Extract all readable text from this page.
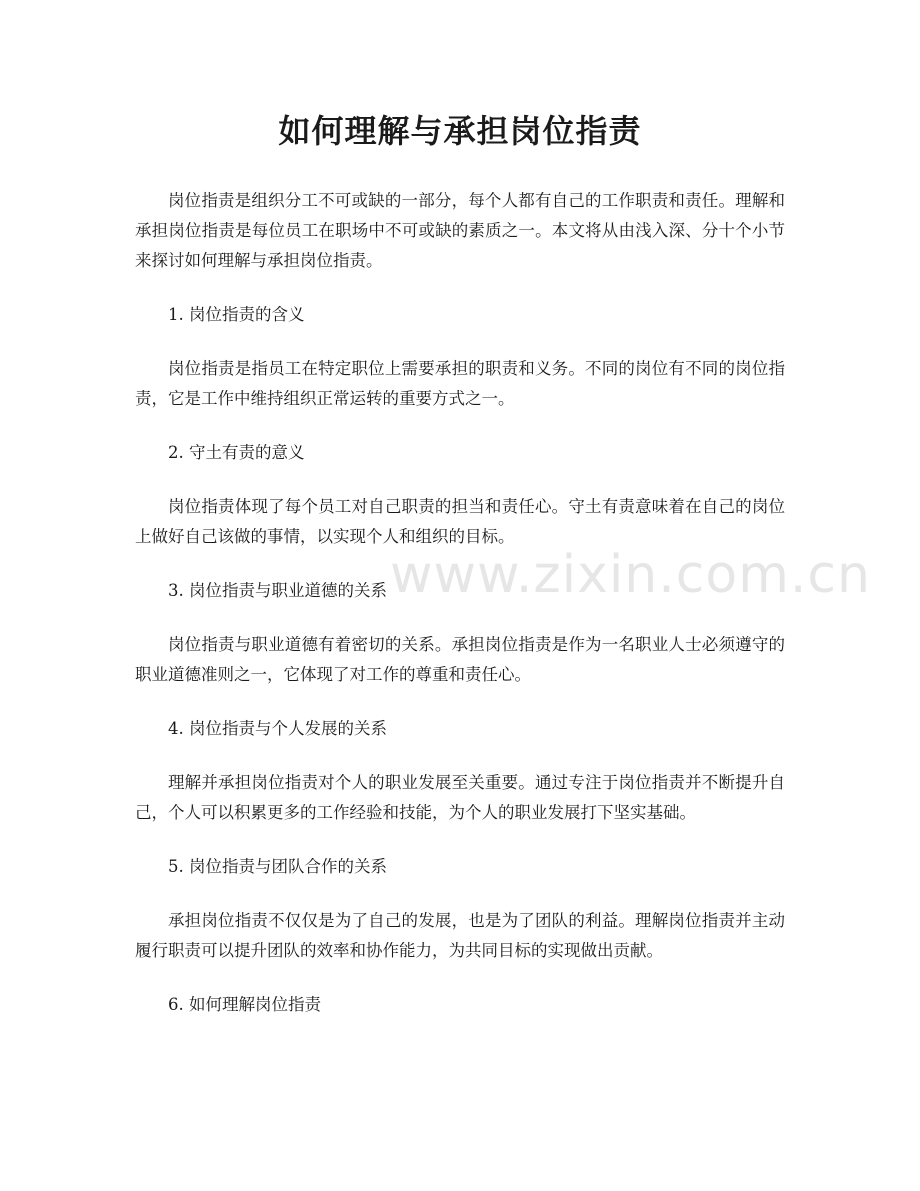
如何理解与承担岗位指责

岗位指责是组织分工不可或缺的一部分，每个人都有自己的工作职责和责任。理解和承担岗位指责是每位员工在职场中不可或缺的素质之一。本文将从由浅入深、分十个小节来探讨如何理解与承担岗位指责。

1. 岗位指责的含义

岗位指责是指员工在特定职位上需要承担的职责和义务。不同的岗位有不同的岗位指责，它是工作中维持组织正常运转的重要方式之一。

2. 守土有责的意义

岗位指责体现了每个员工对自己职责的担当和责任心。守土有责意味着在自己的岗位上做好自己该做的事情，以实现个人和组织的目标。

3. 岗位指责与职业道德的关系

岗位指责与职业道德有着密切的关系。承担岗位指责是作为一名职业人士必须遵守的职业道德准则之一，它体现了对工作的尊重和责任心。

4. 岗位指责与个人发展的关系

理解并承担岗位指责对个人的职业发展至关重要。通过专注于岗位指责并不断提升自己，个人可以积累更多的工作经验和技能，为个人的职业发展打下坚实基础。

5. 岗位指责与团队合作的关系

承担岗位指责不仅仅是为了自己的发展，也是为了团队的利益。理解岗位指责并主动履行职责可以提升团队的效率和协作能力，为共同目标的实现做出贡献。

6. 如何理解岗位指责

www.zixin.com.cn
